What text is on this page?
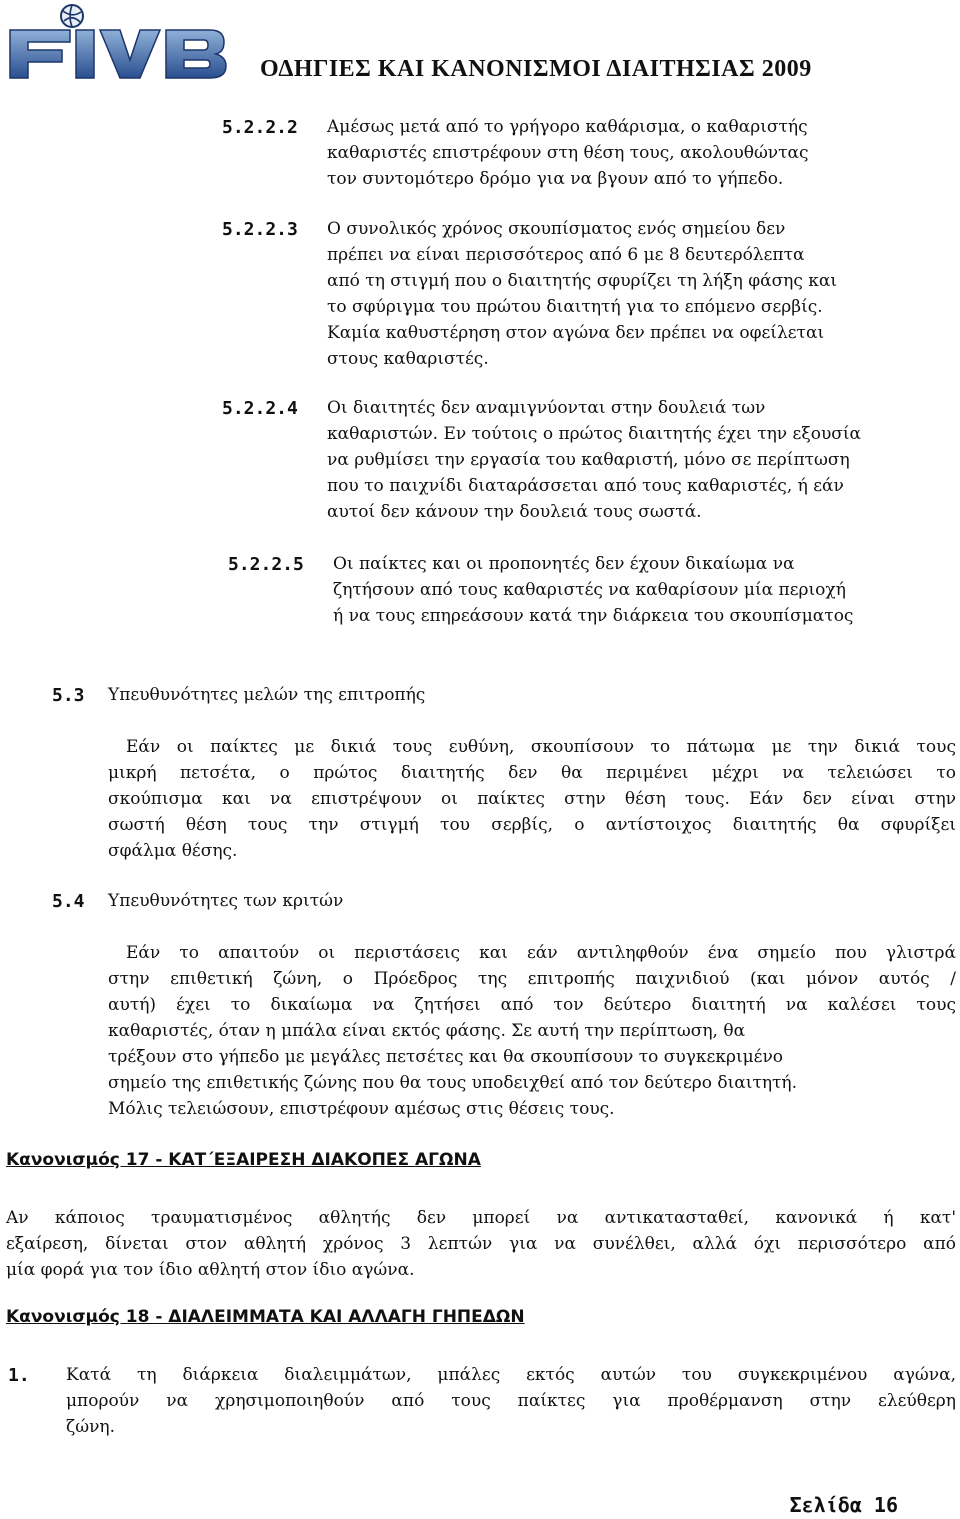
ΟΔΗΓΙΕΣ ΚΑΙ ΚΑΝΟΝΙΣΜΟΙ ΔΙΑΙΤΗΣΙΑΣ 2009
5.2.2.2 Αμέσως μετά από το γρήγορο καθάρισμα, ο καθαριστής
καθαριστές επιστρέφουν στη θέση τους, ακολουθώντας
τον συντομότερο δρόμο για να βγουν από το γήπεδο.
5.2.2.3 Ο συνολικός χρόνος σκουπίσματος ενός σημείου δεν
πρέπει να είναι περισσότερος από 6 με 8 δευτερόλεπτα
από τη στιγμή που ο διαιτητής σφυρίζει τη λήξη φάσης και
το σφύριγμα του πρώτου διαιτητή για το επόμενο σερβίς.
Καμία καθυστέρηση στον αγώνα δεν πρέπει να οφείλεται
στους καθαριστές.
5.2.2.4 Οι διαιτητές δεν αναμιγνύονται στην δουλειά των
καθαριστών. Εν τούτοις ο πρώτος διαιτητής έχει την εξουσία
να ρυθμίσει την εργασία του καθαριστή, μόνο σε περίπτωση
που το παιχνίδι διαταράσσεται από τους καθαριστές, ή εάν
αυτοί δεν κάνουν την δουλειά τους σωστά.
5.2.2.5 Οι παίκτες και οι προπονητές δεν έχουν δικαίωμα να
ζητήσουν από τους καθαριστές να καθαρίσουν μία περιοχή
ή να τους επηρεάσουν κατά την διάρκεια του σκουπίσματος
5.3 Υπευθυνότητες μελών της επιτροπής
Εάν οι παίκτες με δικιά τους ευθύνη, σκουπίσουν το πάτωμα με την δικιά τους
μικρή πετσέτα, ο πρώτος διαιτητής δεν θα περιμένει μέχρι να τελειώσει το
σκούπισμα και να επιστρέψουν οι παίκτες στην θέση τους. Εάν δεν είναι στην
σωστή θέση τους την στιγμή του σερβίς, ο αντίστοιχος διαιτητής θα σφυρίξει
σφάλμα θέσης.
5.4 Υπευθυνότητες των κριτών
Εάν το απαιτούν οι περιστάσεις και εάν αντιληφθούν ένα σημείο που γλιστρά
στην επιθετική ζώνη, ο Πρόεδρος της επιτροπής παιχνιδιού (και μόνον αυτός /
αυτή) έχει το δικαίωμα να ζητήσει από τον δεύτερο διαιτητή να καλέσει τους
καθαριστές, όταν η μπάλα είναι εκτός φάσης. Σε αυτή την περίπτωση, θα
τρέξουν στο γήπεδο με μεγάλες πετσέτες και θα σκουπίσουν το συγκεκριμένο
σημείο της επιθετικής ζώνης που θα τους υποδειχθεί από τον δεύτερο διαιτητή.
Μόλις τελειώσουν, επιστρέφουν αμέσως στις θέσεις τους.
Κανονισμός 17 - ΚΑΤ΄ΕΞΑΙΡΕΣΗ ΔΙΑΚΟΠΕΣ ΑΓΩΝΑ
Αν κάποιος τραυματισμένος αθλητής δεν μπορεί να αντικατασταθεί, κανονικά ή κατ'
εξαίρεση, δίνεται στον αθλητή χρόνος 3 λεπτών για να συνέλθει, αλλά όχι περισσότερο από
μία φορά για τον ίδιο αθλητή στον ίδιο αγώνα.
Κανονισμός 18 - ΔΙΑΛΕΙΜΜΑΤΑ ΚΑΙ ΑΛΛΑΓΗ ΓΗΠΕΔΩΝ
1. Κατά τη διάρκεια διαλειμμάτων, μπάλες εκτός αυτών του συγκεκριμένου αγώνα,
μπορούν να χρησιμοποιηθούν από τους παίκτες για προθέρμανση στην ελεύθερη
ζώνη.
Σελίδα 16
